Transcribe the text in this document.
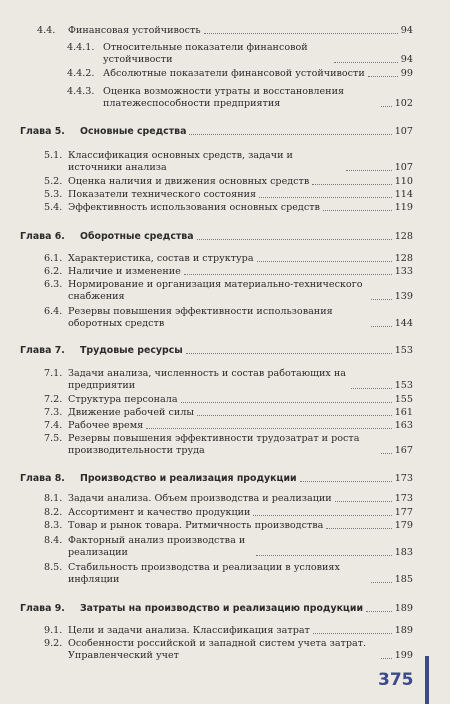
4.4. Финансовая устойчивость	94
4.4.1. Относительные показатели финансовой устойчивости	94
4.4.2. Абсолютные показатели финансовой устойчивости	99
4.4.3. Оценка возможности утраты и восстановления платежеспособности предприятия	102
Глава 5. Основные средства	107
5.1. Классификация основных средств, задачи и источники анализа	107
5.2. Оценка наличия и движения основных средств	110
5.3. Показатели технического состояния	114
5.4. Эффективность использования основных средств	119
Глава 6. Оборотные средства	128
6.1. Характеристика, состав и структура	128
6.2. Наличие и изменение	133
6.3. Нормирование и организация материально-технического снабжения	139
6.4. Резервы повышения эффективности использования оборотных средств	144
Глава 7. Трудовые ресурсы	153
7.1. Задачи анализа, численность и состав работающих на предприятии	153
7.2. Структура персонала	155
7.3. Движение рабочей силы	161
7.4. Рабочее время	163
7.5. Резервы повышения эффективности трудозатрат и роста производительности труда	167
Глава 8. Производство и реализация продукции	173
8.1. Задачи анализа. Объем производства и реализации	173
8.2. Ассортимент и качество продукции	177
8.3. Товар и рынок товара. Ритмичность производства	179
8.4. Факторный анализ производства и реализации	183
8.5. Стабильность производства и реализации в условиях инфляции	185
Глава 9. Затраты на производство и реализацию продукции	189
9.1. Цели и задачи анализа. Классификация затрат	189
9.2. Особенности российской и западной систем учета затрат. Управленческий учет	199
375
